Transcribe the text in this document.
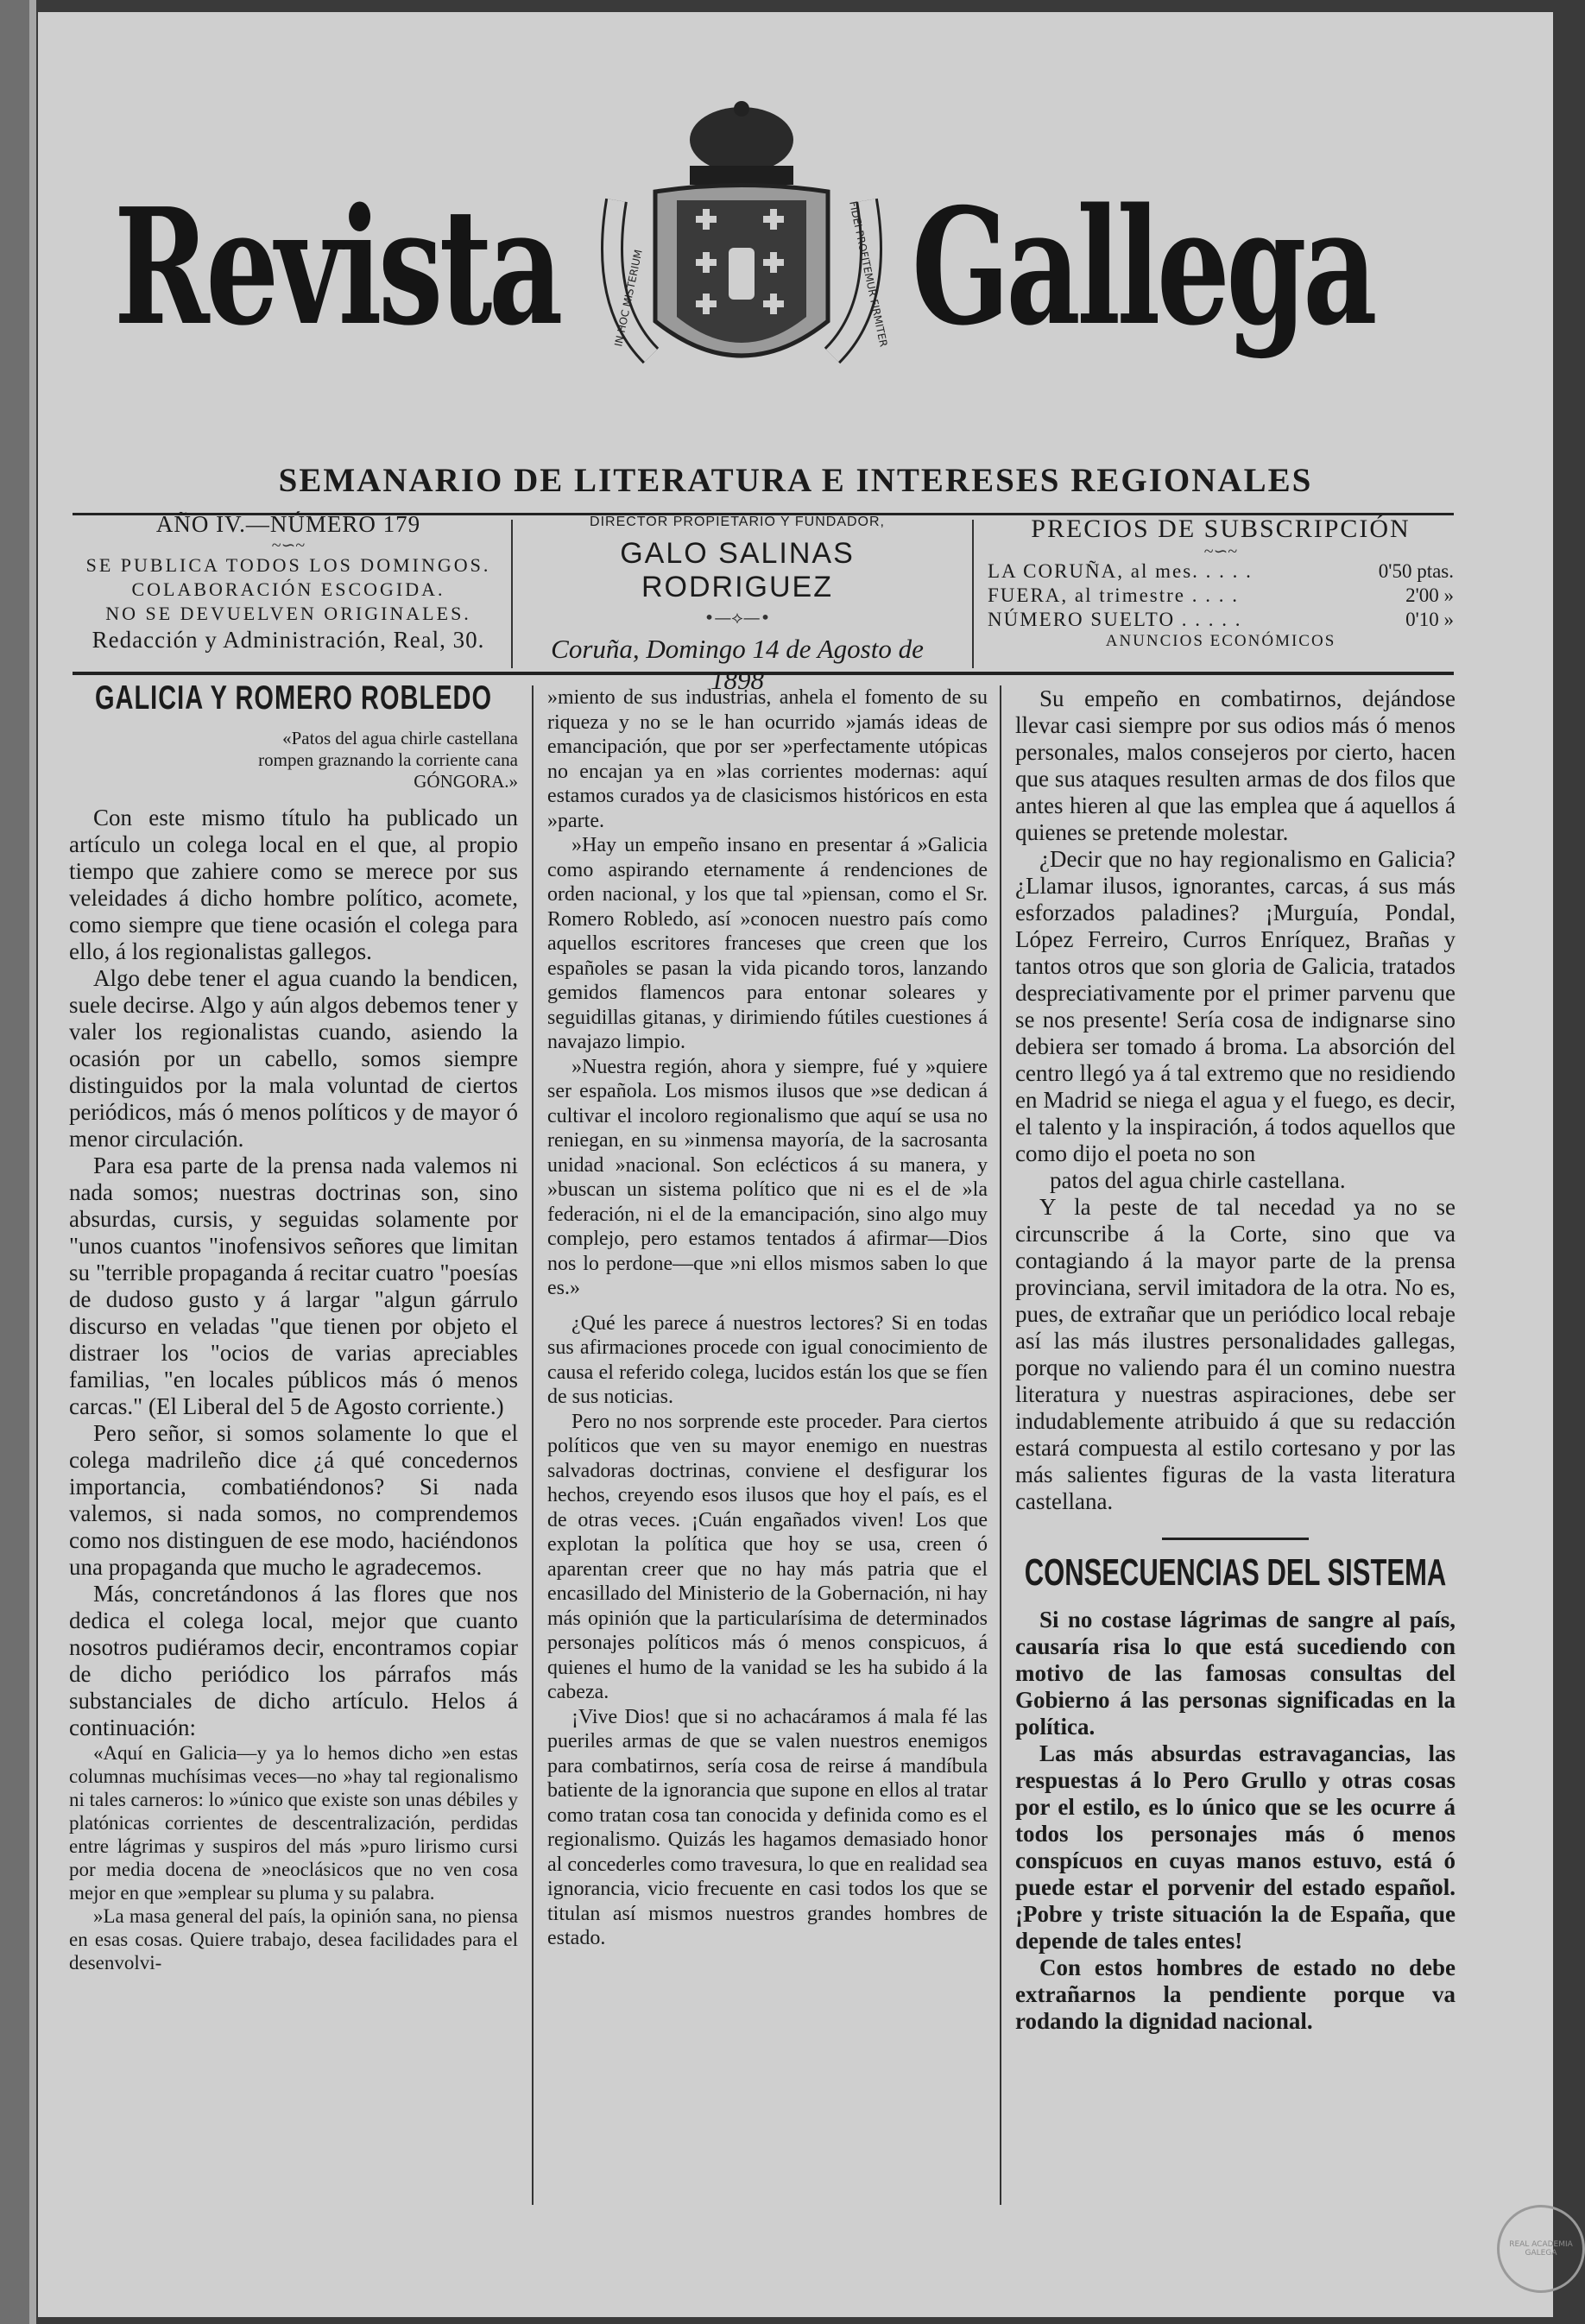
Revista Gallega
IN HOC MISTERIUM	FIDEI PROFITEMUR FIRMITER
SEMANARIO DE LITERATURA E INTERESES REGIONALES
AÑO IV.—NÚMERO 179
~∽~
SE PUBLICA TODOS LOS DOMINGOS.
COLABORACIÓN ESCOGIDA.
NO SE DEVUELVEN ORIGINALES.
Redacción y Administración, Real, 30.
DIRECTOR PROPIETARIO Y FUNDADOR,
GALO SALINAS RODRIGUEZ
•—⟡—•
Coruña, Domingo 14 de Agosto de 1898
PRECIOS DE SUBSCRIPCIÓN
~∽~
LA CORUÑA, al mes. . . . .	0'50 ptas.
FUERA, al trimestre . . . .	2'00 »
NÚMERO SUELTO . . . . .	0'10 »
ANUNCIOS ECONÓMICOS
GALICIA Y ROMERO ROBLEDO
«Patos del agua chirle castellana
rompen graznando la corriente cana
GÓNGORA.»

Con este mismo título ha publicado un artículo un colega local en el que, al propio tiempo que zahiere como se merece por sus veleidades á dicho hombre político, acomete, como siempre que tiene ocasión el colega para ello, á los regionalistas gallegos.

Algo debe tener el agua cuando la bendicen, suele decirse. Algo y aún algos debemos tener y valer los regionalistas cuando, asiendo la ocasión por un cabello, somos siempre distinguidos por la mala voluntad de ciertos periódicos, más ó menos políticos y de mayor ó menor circulación.

Para esa parte de la prensa nada valemos ni nada somos; nuestras doctrinas son, sino absurdas, cursis, y seguidas solamente por "unos cuantos "inofensivos señores que limitan su "terrible propaganda á recitar cuatro "poesías de dudoso gusto y á largar "algun gárrulo discurso en veladas "que tienen por objeto el distraer los "ocios de varias apreciables familias, "en locales públicos más ó menos carcas." (El Liberal del 5 de Agosto corriente.)

Pero señor, si somos solamente lo que el colega madrileño dice ¿á qué concedernos importancia, combatiéndonos? Si nada valemos, si nada somos, no comprendemos como nos distinguen de ese modo, haciéndonos una propaganda que mucho le agradecemos.

Más, concretándonos á las flores que nos dedica el colega local, mejor que cuanto nosotros pudiéramos decir, encontramos copiar de dicho periódico los párrafos más substanciales de dicho artículo. Helos á continuación:

«Aquí en Galicia—y ya lo hemos dicho »en estas columnas muchísimas veces—no »hay tal regionalismo ni tales carneros: lo »único que existe son unas débiles y platónicas corrientes de descentralización, perdidas entre lágrimas y suspiros del más »puro lirismo cursi por media docena de »neoclásicos que no ven cosa mejor en que »emplear su pluma y su palabra.

»La masa general del país, la opinión sana, no piensa en esas cosas. Quiere trabajo, desea facilidades para el desenvolvi-

»miento de sus industrias, anhela el fomento de su riqueza y no se le han ocurrido »jamás ideas de emancipación, que por ser »perfectamente utópicas no encajan ya en »las corrientes modernas: aquí estamos curados ya de clasicismos históricos en esta »parte.

»Hay un empeño insano en presentar á »Galicia como aspirando eternamente á rendenciones de orden nacional, y los que tal »piensan, como el Sr. Romero Robledo, así »conocen nuestro país como aquellos escritores franceses que creen que los españoles se pasan la vida picando toros, lanzando gemidos flamencos para entonar soleares y seguidillas gitanas, y dirimiendo fútiles cuestiones á navajazo limpio.

»Nuestra región, ahora y siempre, fué y »quiere ser española. Los mismos ilusos que »se dedican á cultivar el incoloro regionalismo que aquí se usa no reniegan, en su »inmensa mayoría, de la sacrosanta unidad »nacional. Son eclécticos á su manera, y »buscan un sistema político que ni es el de »la federación, ni el de la emancipación, sino algo muy complejo, pero estamos tentados á afirmar—Dios nos lo perdone—que »ni ellos mismos saben lo que es.»

¿Qué les parece á nuestros lectores? Si en todas sus afirmaciones procede con igual conocimiento de causa el referido colega, lucidos están los que se fíen de sus noticias.

Pero no nos sorprende este proceder. Para ciertos políticos que ven su mayor enemigo en nuestras salvadoras doctrinas, conviene el desfigurar los hechos, creyendo esos ilusos que hoy el país, es el de otras veces. ¡Cuán engañados viven! Los que explotan la política que hoy se usa, creen ó aparentan creer que no hay más patria que el encasillado del Ministerio de la Gobernación, ni hay más opinión que la particularísima de determinados personajes políticos más ó menos conspicuos, á quienes el humo de la vanidad se les ha subido á la cabeza.

¡Vive Dios! que si no achacáramos á mala fé las pueriles armas de que se valen nuestros enemigos para combatirnos, sería cosa de reirse á mandíbula batiente de la ignorancia que supone en ellos al tratar como tratan cosa tan conocida y definida como es el regionalismo. Quizás les hagamos demasiado honor al concederles como travesura, lo que en realidad sea ignorancia, vicio frecuente en casi todos los que se titulan así mismos nuestros grandes hombres de estado.

Su empeño en combatirnos, dejándose llevar casi siempre por sus odios más ó menos personales, malos consejeros por cierto, hacen que sus ataques resulten armas de dos filos que antes hieren al que las emplea que á aquellos á quienes se pretende molestar.

¿Decir que no hay regionalismo en Galicia? ¿Llamar ilusos, ignorantes, carcas, á sus más esforzados paladines? ¡Murguía, Pondal, López Ferreiro, Curros Enríquez, Brañas y tantos otros que son gloria de Galicia, tratados despreciativamente por el primer parvenu que se nos presente! Sería cosa de indignarse sino debiera ser tomado á broma. La absorción del centro llegó ya á tal extremo que no residiendo en Madrid se niega el agua y el fuego, es decir, el talento y la inspiración, á todos aquellos que como dijo el poeta no son

patos del agua chirle castellana.

Y la peste de tal necedad ya no se circunscribe á la Corte, sino que va contagiando á la mayor parte de la prensa provinciana, servil imitadora de la otra. No es, pues, de extrañar que un periódico local rebaje así las más ilustres personalidades gallegas, porque no valiendo para él un comino nuestra literatura y nuestras aspiraciones, debe ser indudablemente atribuido á que su redacción estará compuesta al estilo cortesano y por las más salientes figuras de la vasta literatura castellana.

CONSECUENCIAS DEL SISTEMA

Si no costase lágrimas de sangre al país, causaría risa lo que está sucediendo con motivo de las famosas consultas del Gobierno á las personas significadas en la política.

Las más absurdas estravagancias, las respuestas á lo Pero Grullo y otras cosas por el estilo, es lo único que se les ocurre á todos los personajes más ó menos conspícuos en cuyas manos estuvo, está ó puede estar el porvenir del estado español. ¡Pobre y triste situación la de España, que depende de tales entes!

Con estos hombres de estado no debe extrañarnos la pendiente porque va rodando la dignidad nacional.

REAL ACADEMIA GALEGA
